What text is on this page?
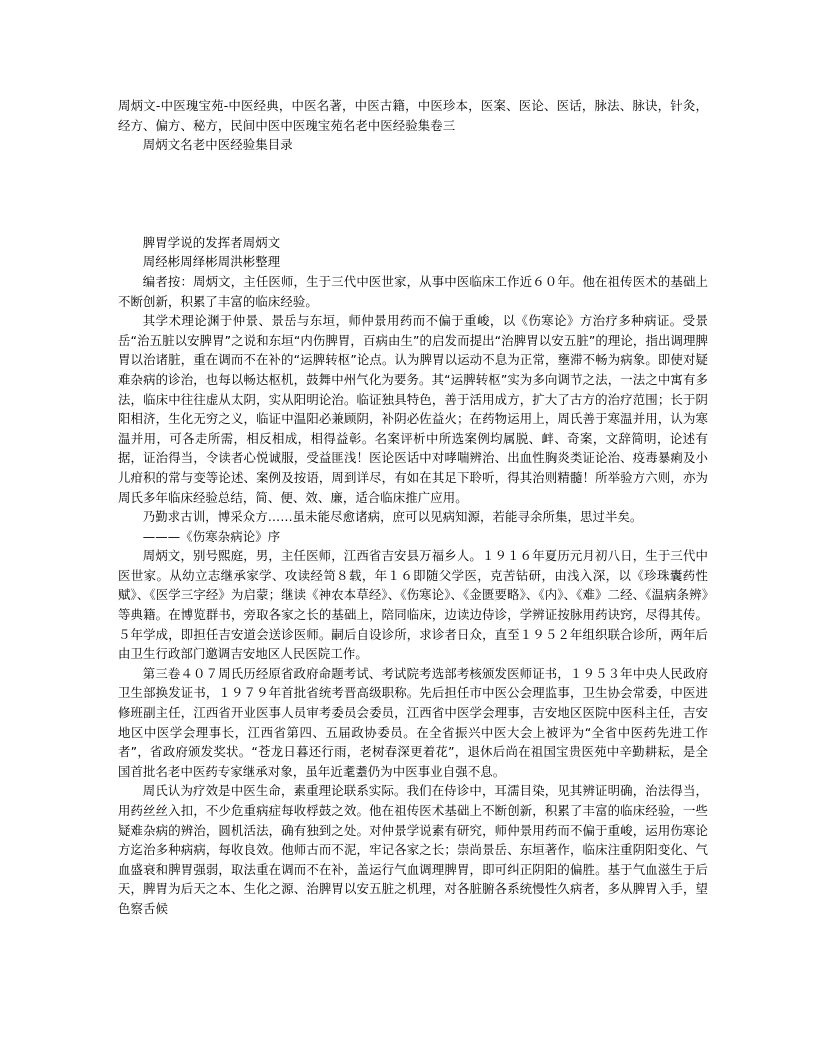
周炳文-中医瑰宝苑-中医经典，中医名著，中医古籍，中医珍本，医案、医论、医话，脉法、脉诀，针灸，经方、偏方、秘方，民间中医中医瑰宝苑名老中医经验集卷三

周炳文名老中医经验集目录

脾胃学说的发挥者周炳文

周经彬周绎彬周洪彬整理

编者按：周炳文，主任医师，生于三代中医世家，从事中医临床工作近６０年。他在祖传医术的基础上不断创新，积累了丰富的临床经验。

其学术理论渊于仲景、景岳与东垣，师仲景用药而不偏于重峻，以《伤寒论》方治疗多种病证。受景岳“治五脏以安脾胃”之说和东垣“内伤脾胃，百病由生”的启发而提出“治脾胃以安五脏”的理论，指出调理脾胃以治诸脏，重在调而不在补的“运脾转枢”论点。认为脾胃以运动不息为正常，壅滞不畅为病象。即使对疑难杂病的诊治，也每以畅达枢机，鼓舞中州气化为要务。其“运脾转枢”实为多向调节之法，一法之中寓有多法，临床中往往虚从太阴，实从阳明论治。临证独具特色，善于活用成方，扩大了古方的治疗范围；长于阴阳相济，生化无穷之义，临证中温阳必兼顾阴，补阴必佐益火；在药物运用上，周氏善于寒温并用，认为寒温并用，可各走所需，相反相成，相得益彰。名案评析中所选案例均属脱、衅、奇案，文辞简明，论述有据，证治得当，令读者心悦诚服，受益匪浅！医论医话中对哮喘辨治、出血性胸炎类证论治、疫毒暴痢及小儿疳积的常与变等论述、案例及按语，周到详尽，有如在其足下聆听，得其治则精髓！所举验方六则，亦为周氏多年临床经验总结，简、便、效、廉，适合临床推广应用。

乃勤求古训，博采众方……虽未能尽愈诸病，庶可以见病知源，若能寻余所集，思过半矣。

———《伤寒杂病论》序

周炳文，别号熙庭，男，主任医师，江西省吉安县万福乡人。１９１６年夏历元月初八日，生于三代中医世家。从幼立志继承家学、攻读经笥８载，年１６即随父学医，克苦钻研，由浅入深，以《珍珠囊药性赋》、《医学三字经》为启蒙；继读《神农本草经》、《伤寒论》、《金匮要略》、《内》、《难》二经、《温病条辨》等典籍。在博览群书，旁取各家之长的基础上，陪同临床，边读边侍诊，学辨证按脉用药诀窍，尽得其传。５年学成，即担任吉安道会送诊医师。嗣后自设诊所，求诊者日众，直至１９５２年组织联合诊所，两年后由卫生行政部门邀调吉安地区人民医院工作。

第三卷４０７周氏历经原省政府命题考试、考试院考选部考核颁发医师证书，１９５３年中央人民政府卫生部换发证书，１９７９年首批省统考晋高级职称。先后担任市中医公会理监事，卫生协会常委，中医进修班副主任，江西省开业医事人员审考委员会委员，江西省中医学会理事，吉安地区医院中医科主任，吉安地区中医学会理事长，江西省第四、五届政协委员。在全省振兴中医大会上被评为“全省中医药先进工作者”，省政府颁发奖状。“苍龙日暮还行雨，老树春深更着花”，退休后尚在祖国宝贵医苑中辛勤耕耘，是全国首批名老中医药专家继承对象，虽年近耄耋仍为中医事业自强不息。

周氏认为疗效是中医生命，素重理论联系实际。我们在侍诊中，耳濡目染，见其辨证明确，治法得当，用药丝丝入扣，不少危重病症每收桴鼓之效。他在祖传医术基础上不断创新，积累了丰富的临床经验，一些疑难杂病的辨治，圆机活法，确有独到之处。对仲景学说素有研究，师仲景用药而不偏于重峻，运用伤寒论方迄治多种病病，每收良效。他师古而不泥，牢记各家之长；崇尚景岳、东垣著作，临床注重阴阳变化、气血盛衰和脾胃强弱，取法重在调而不在补，盖运行气血调理脾胃，即可纠正阴阳的偏胜。基于气血滋生于后天，脾胃为后天之本、生化之源、治脾胃以安五脏之机理，对各脏腑各系统慢性久病者，多从脾胃入手，望色察舌候
